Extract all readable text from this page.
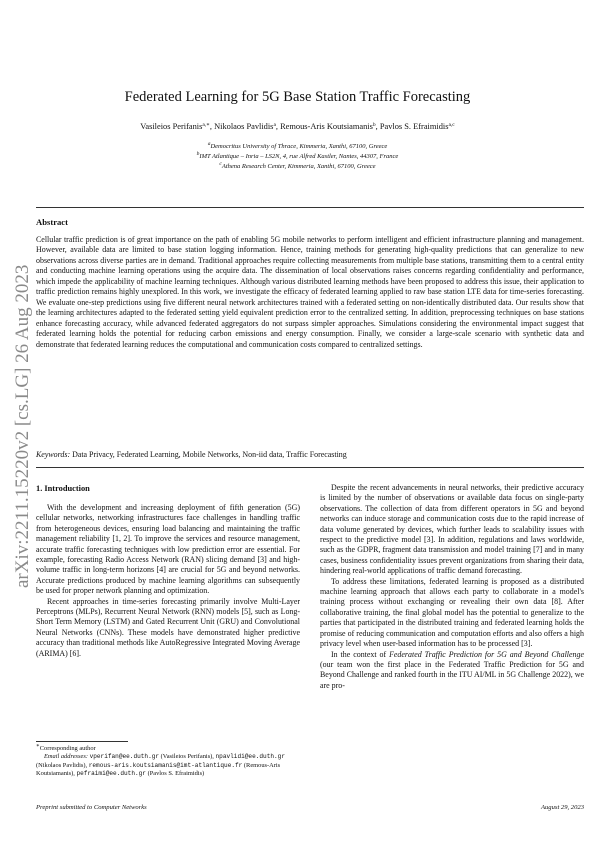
arXiv:2211.15220v2 [cs.LG] 26 Aug 2023
Federated Learning for 5G Base Station Traffic Forecasting
Vasileios Perifanis$^{a,∗}$, Nikolaos Pavlidis$^a$, Remous-Aris Koutsiamanis$^b$, Pavlos S. Efraimidis$^{a,c}$
$^a$Democritus University of Thrace, Kimmeria, Xanthi, 67100, Greece
$^b$IMT Atlantique – Inria – LS2N, 4, rue Alfred Kastler, Nantes, 44307, France
$^c$Athena Research Center, Kimmeria, Xanthi, 67100, Greece
Abstract
Cellular traffic prediction is of great importance on the path of enabling 5G mobile networks to perform intelligent and efficient infrastructure planning and management. However, available data are limited to base station logging information. Hence, training methods for generating high-quality predictions that can generalize to new observations across diverse parties are in demand. Traditional approaches require collecting measurements from multiple base stations, transmitting them to a central entity and conducting machine learning operations using the acquire data. The dissemination of local observations raises concerns regarding confidentiality and performance, which impede the applicability of machine learning techniques. Although various distributed learning methods have been proposed to address this issue, their application to traffic prediction remains highly unexplored. In this work, we investigate the efficacy of federated learning applied to raw base station LTE data for time-series forecasting. We evaluate one-step predictions using five different neural network architectures trained with a federated setting on non-identically distributed data. Our results show that the learning architectures adapted to the federated setting yield equivalent prediction error to the centralized setting. In addition, preprocessing techniques on base stations enhance forecasting accuracy, while advanced federated aggregators do not surpass simpler approaches. Simulations considering the environmental impact suggest that federated learning holds the potential for reducing carbon emissions and energy consumption. Finally, we consider a large-scale scenario with synthetic data and demonstrate that federated learning reduces the computational and communication costs compared to centralized settings.
Keywords: Data Privacy, Federated Learning, Mobile Networks, Non-iid data, Traffic Forecasting
1. Introduction

With the development and increasing deployment of fifth generation (5G) cellular networks, networking infrastructures face challenges in handling traffic from heterogeneous devices, ensuring load balancing and maintaining the traffic management reliability [1, 2]. To improve the services and resource management, accurate traffic forecasting techniques with low prediction error are essential. For example, forecasting Radio Access Network (RAN) slicing demand [3] and high-volume traffic in long-term horizons [4] are crucial for 5G and beyond networks. Accurate predictions produced by machine learning algorithms can subsequently be used for proper network planning and optimization.

Recent approaches in time-series forecasting primarily involve Multi-Layer Perceptrons (MLPs), Recurrent Neural Network (RNN) models [5], such as Long-Short Term Memory (LSTM) and Gated Recurrent Unit (GRU) and Convolutional Neural Networks (CNNs). These models have demonstrated higher predictive accuracy than traditional methods like AutoRegressive Integrated Moving Average (ARIMA) [6].

Despite the recent advancements in neural networks, their predictive accuracy is limited by the number of observations or available data focus on single-party observations. The collection of data from different operators in 5G and beyond networks can induce storage and communication costs due to the rapid increase of data volume generated by devices, which further leads to scalability issues with respect to the predictive model [3]. In addition, regulations and laws worldwide, such as the GDPR, fragment data transmission and model training [7] and in many cases, business confidentiality issues prevent organizations from sharing their data, hindering real-world applications of traffic demand forecasting.

To address these limitations, federated learning is proposed as a distributed machine learning approach that allows each party to collaborate in a model's training process without exchanging or revealing their own data [8]. After collaborative training, the final global model has the potential to generalize to the parties that participated in the distributed training and federated learning holds the promise of reducing communication and computation efforts and also offers a high privacy level when user-based information has to be processed [3].

In the context of Federated Traffic Prediction for 5G and Beyond Challenge (our team won the first place in the Federated Traffic Prediction for 5G and Beyond Challenge and ranked fourth in the ITU AI/ML in 5G Challenge 2022), we are pro-

∗Corresponding author
Email addresses: vperifan@ee.duth.gr (Vasileios Perifanis), npavlidi@ee.duth.gr (Nikolaos Pavlidis), remous-aris.koutsiamanis@imt-atlantique.fr (Remous-Aris Koutsiamanis), pefraimi@ee.duth.gr (Pavlos S. Efraimidis)
Preprint submitted to Computer Networks	August 29, 2023
